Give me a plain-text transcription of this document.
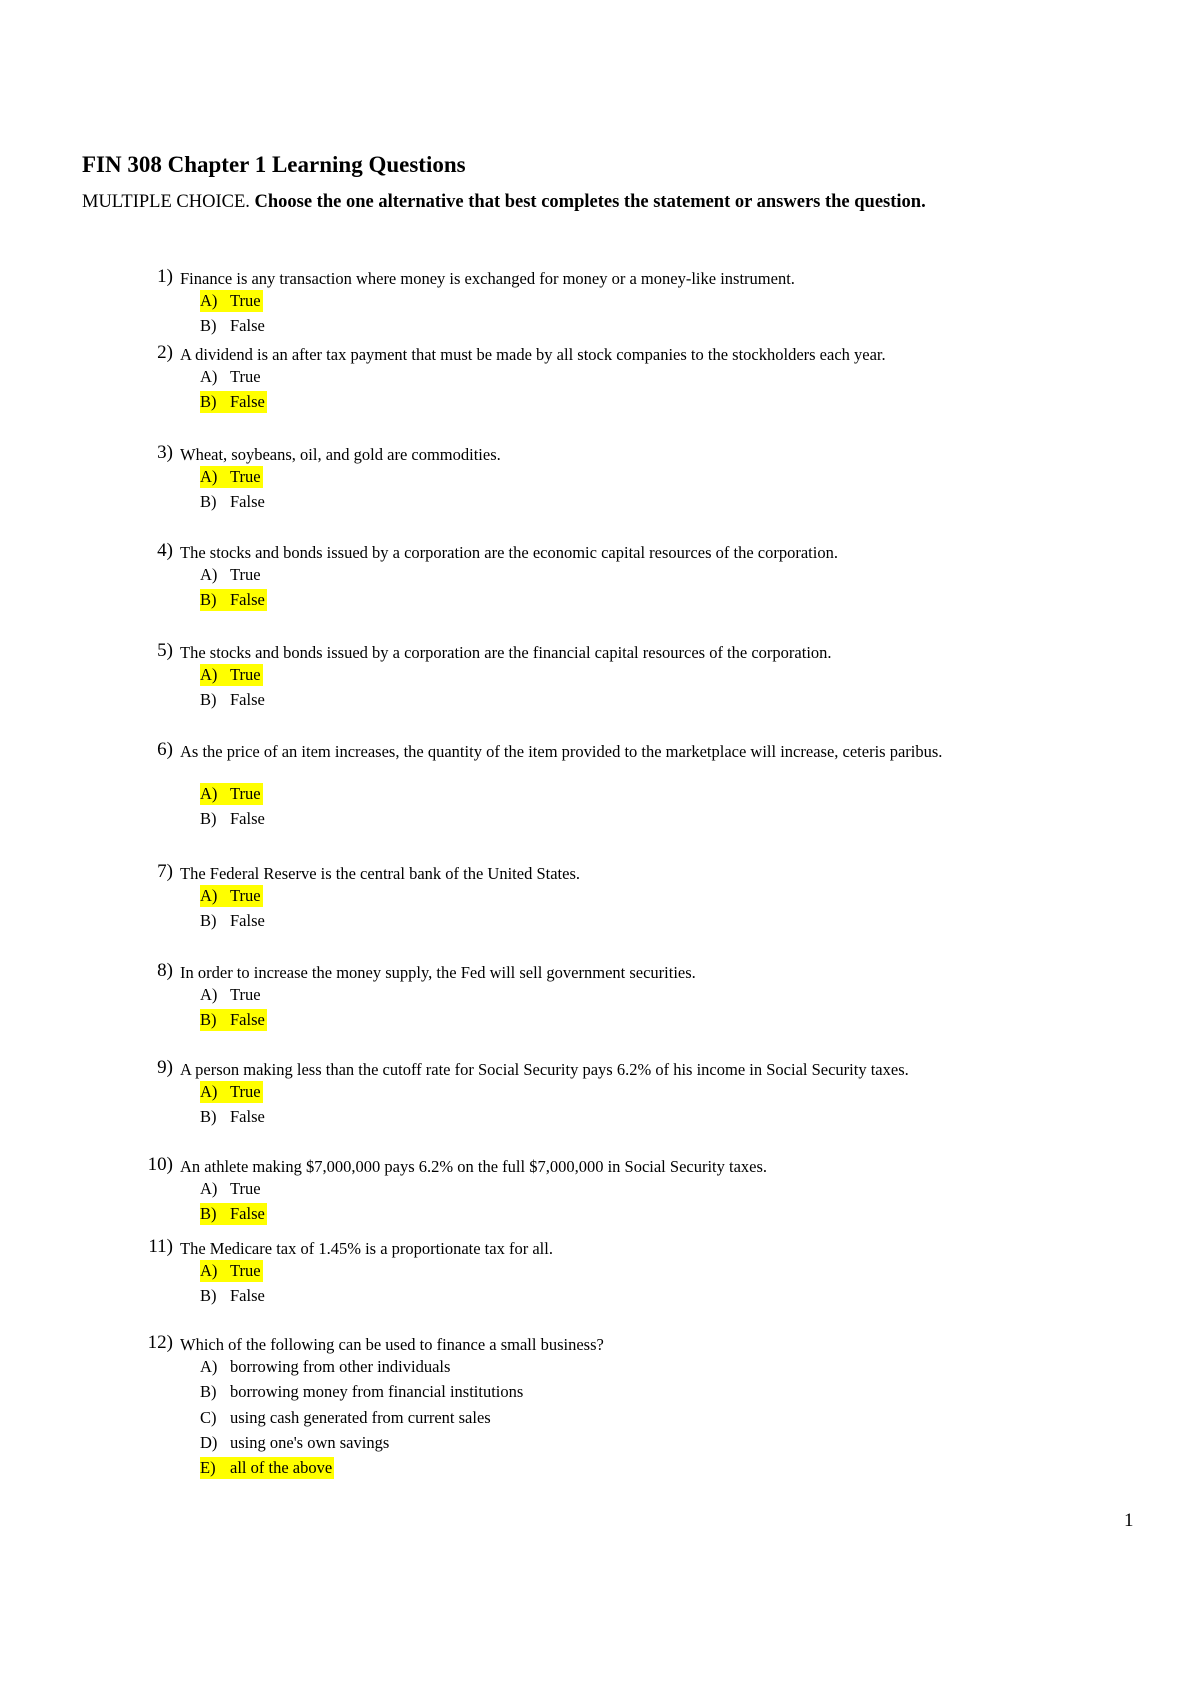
FIN 308 Chapter 1 Learning Questions

MULTIPLE CHOICE. Choose the one alternative that best completes the statement or answers the question.

1) Finance is any transaction where money is exchanged for money or a money-like instrument.
A) True
B) False
2) A dividend is an after tax payment that must be made by all stock companies to the stockholders each year.
A) True
B) False
3) Wheat, soybeans, oil, and gold are commodities.
A) True
B) False
4) The stocks and bonds issued by a corporation are the economic capital resources of the corporation.
A) True
B) False
5) The stocks and bonds issued by a corporation are the financial capital resources of the corporation.
A) True
B) False
6) As the price of an item increases, the quantity of the item provided to the marketplace will increase, ceteris paribus.
A) True
B) False
7) The Federal Reserve is the central bank of the United States.
A) True
B) False
8) In order to increase the money supply, the Fed will sell government securities.
A) True
B) False
9) A person making less than the cutoff rate for Social Security pays 6.2% of his income in Social Security taxes.
A) True
B) False
10) An athlete making $7,000,000 pays 6.2% on the full $7,000,000 in Social Security taxes.
A) True
B) False
11) The Medicare tax of 1.45% is a proportionate tax for all.
A) True
B) False
12) Which of the following can be used to finance a small business?
A) borrowing from other individuals
B) borrowing money from financial institutions
C) using cash generated from current sales
D) using one's own savings
E) all of the above
1
